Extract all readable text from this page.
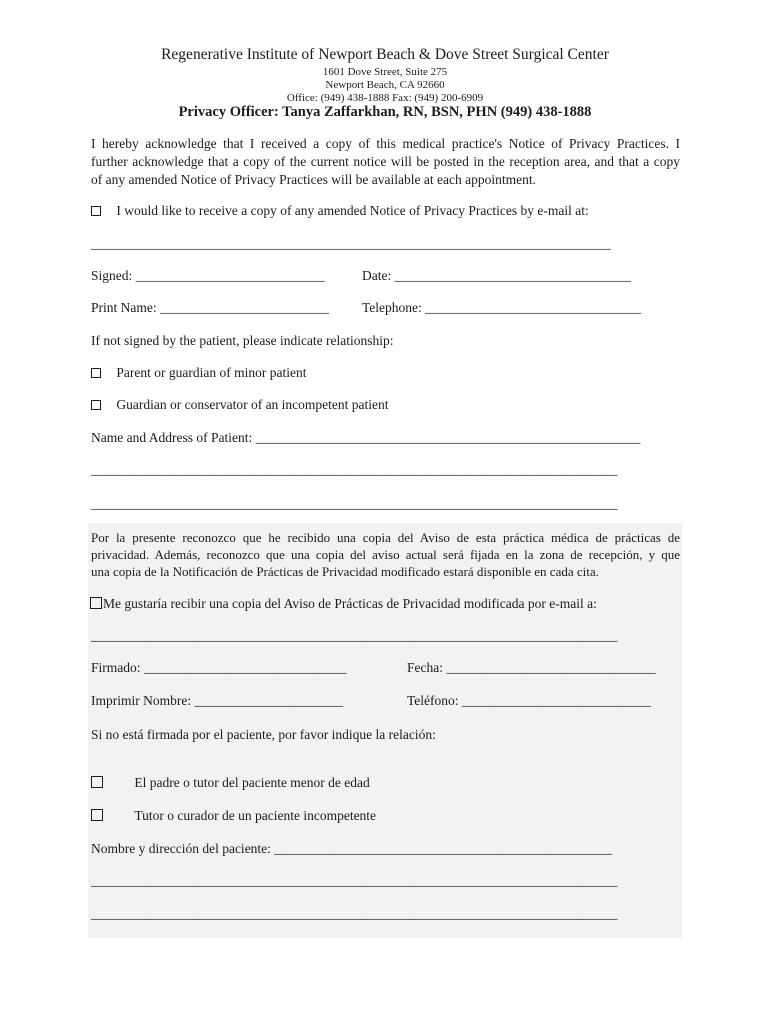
Regenerative Institute of Newport Beach & Dove Street Surgical Center
1601 Dove Street, Suite 275
Newport Beach, CA 92660
Office: (949) 438-1888 Fax: (949) 200-6909
Privacy Officer: Tanya Zaffarkhan, RN, BSN, PHN (949) 438-1888
I hereby acknowledge that I received a copy of this medical practice's Notice of Privacy Practices. I
further acknowledge that a copy of the current notice will be posted in the reception area, and that a copy
of any amended Notice of Privacy Practices will be available at each appointment.
I would like to receive a copy of any amended Notice of Privacy Practices by e-mail at:
_____________________________________________________________________________
Signed: ____________________________	Date: ___________________________________
Print Name: _________________________ Telephone: ________________________________
If not signed by the patient, please indicate relationship:
Parent or guardian of minor patient
Guardian or conservator of an incompetent patient
Name and Address of Patient: _________________________________________________________
______________________________________________________________________________
______________________________________________________________________________
Por la presente reconozco que he recibido una copia del Aviso de esta práctica médica de prácticas de
privacidad. Además, reconozco que una copia del aviso actual será fijada en la zona de recepción, y que
una copia de la Notificación de Prácticas de Privacidad modificado estará disponible en cada cita.
Me gustaría recibir una copia del Aviso de Prácticas de Privacidad modificada por e-mail a:
______________________________________________________________________________
Firmado: ______________________________	Fecha: _______________________________
Imprimir Nombre: ______________________	Teléfono: ____________________________
Si no está firmada por el paciente, por favor indique la relación:
El padre o tutor del paciente menor de edad
Tutor o curador de un paciente incompetente
Nombre y dirección del paciente: __________________________________________________
______________________________________________________________________________
______________________________________________________________________________
